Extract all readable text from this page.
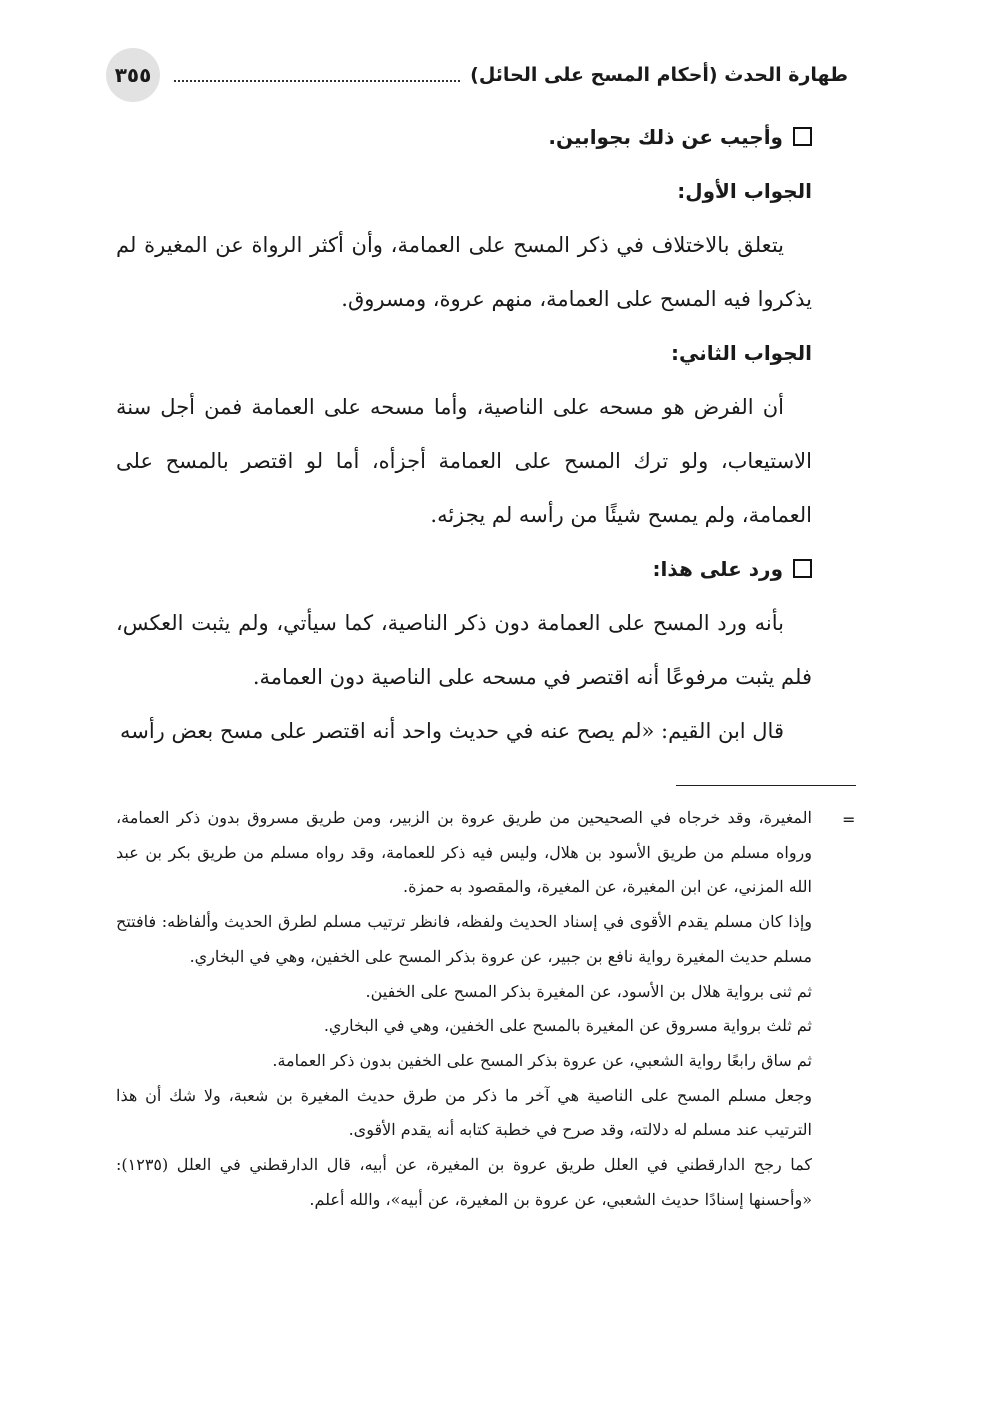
طهارة الحدث (أحكام المسح على الحائل)
٣٥٥

وأجيب عن ذلك بجوابين.

الجواب الأول:

يتعلق بالاختلاف في ذكر المسح على العمامة، وأن أكثر الرواة عن المغيرة لم يذكروا فيه المسح على العمامة، منهم عروة، ومسروق.

الجواب الثاني:

أن الفرض هو مسحه على الناصية، وأما مسحه على العمامة فمن أجل سنة الاستيعاب، ولو ترك المسح على العمامة أجزأه، أما لو اقتصر بالمسح على العمامة، ولم يمسح شيئًا من رأسه لم يجزئه.

ورد على هذا:

بأنه ورد المسح على العمامة دون ذكر الناصية، كما سيأتي، ولم يثبت العكس، فلم يثبت مرفوعًا أنه اقتصر في مسحه على الناصية دون العمامة.

قال ابن القيم: «لم يصح عنه في حديث واحد أنه اقتصر على مسح بعض رأسه

=

المغيرة، وقد خرجاه في الصحيحين من طريق عروة بن الزبير، ومن طريق مسروق بدون ذكر العمامة، ورواه مسلم من طريق الأسود بن هلال، وليس فيه ذكر للعمامة، وقد رواه مسلم من طريق بكر بن عبد الله المزني، عن ابن المغيرة، عن المغيرة، والمقصود به حمزة.

وإذا كان مسلم يقدم الأقوى في إسناد الحديث ولفظه، فانظر ترتيب مسلم لطرق الحديث وألفاظه: فافتتح مسلم حديث المغيرة رواية نافع بن جبير، عن عروة بذكر المسح على الخفين، وهي في البخاري.

ثم ثنى برواية هلال بن الأسود، عن المغيرة بذكر المسح على الخفين.

ثم ثلث برواية مسروق عن المغيرة بالمسح على الخفين، وهي في البخاري.

ثم ساق رابعًا رواية الشعبي، عن عروة بذكر المسح على الخفين بدون ذكر العمامة.

وجعل مسلم المسح على الناصية هي آخر ما ذكر من طرق حديث المغيرة بن شعبة، ولا شك أن هذا الترتيب عند مسلم له دلالته، وقد صرح في خطبة كتابه أنه يقدم الأقوى.

كما رجح الدارقطني في العلل طريق عروة بن المغيرة، عن أبيه، قال الدارقطني في العلل (١٢٣٥): «وأحسنها إسنادًا حديث الشعبي، عن عروة بن المغيرة، عن أبيه»، والله أعلم.
